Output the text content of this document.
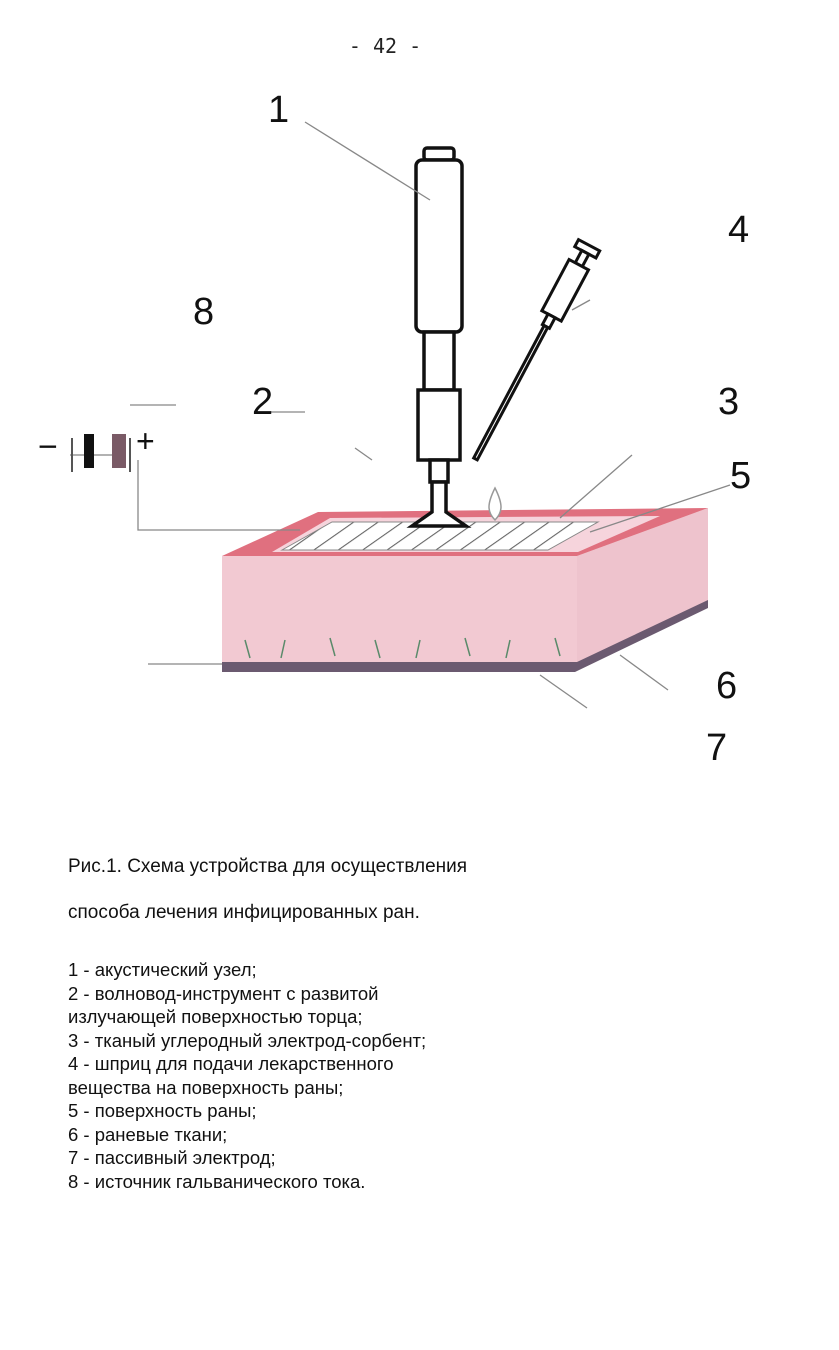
- 42 -
− +
1
2	3
4
5
6
7
8
Рис.1. Схема устройства для осуществления
способа лечения инфицированных ран.
1 - акустический узел;
2 - волновод-инструмент с развитой
излучающей поверхностью торца;
3 - тканый углеродный электрод-сорбент;
4 - шприц для подачи лекарственного
вещества на поверхность раны;
5 - поверхность раны;
6 - раневые ткани;
7 - пассивный электрод;
8 - источник гальванического тока.
